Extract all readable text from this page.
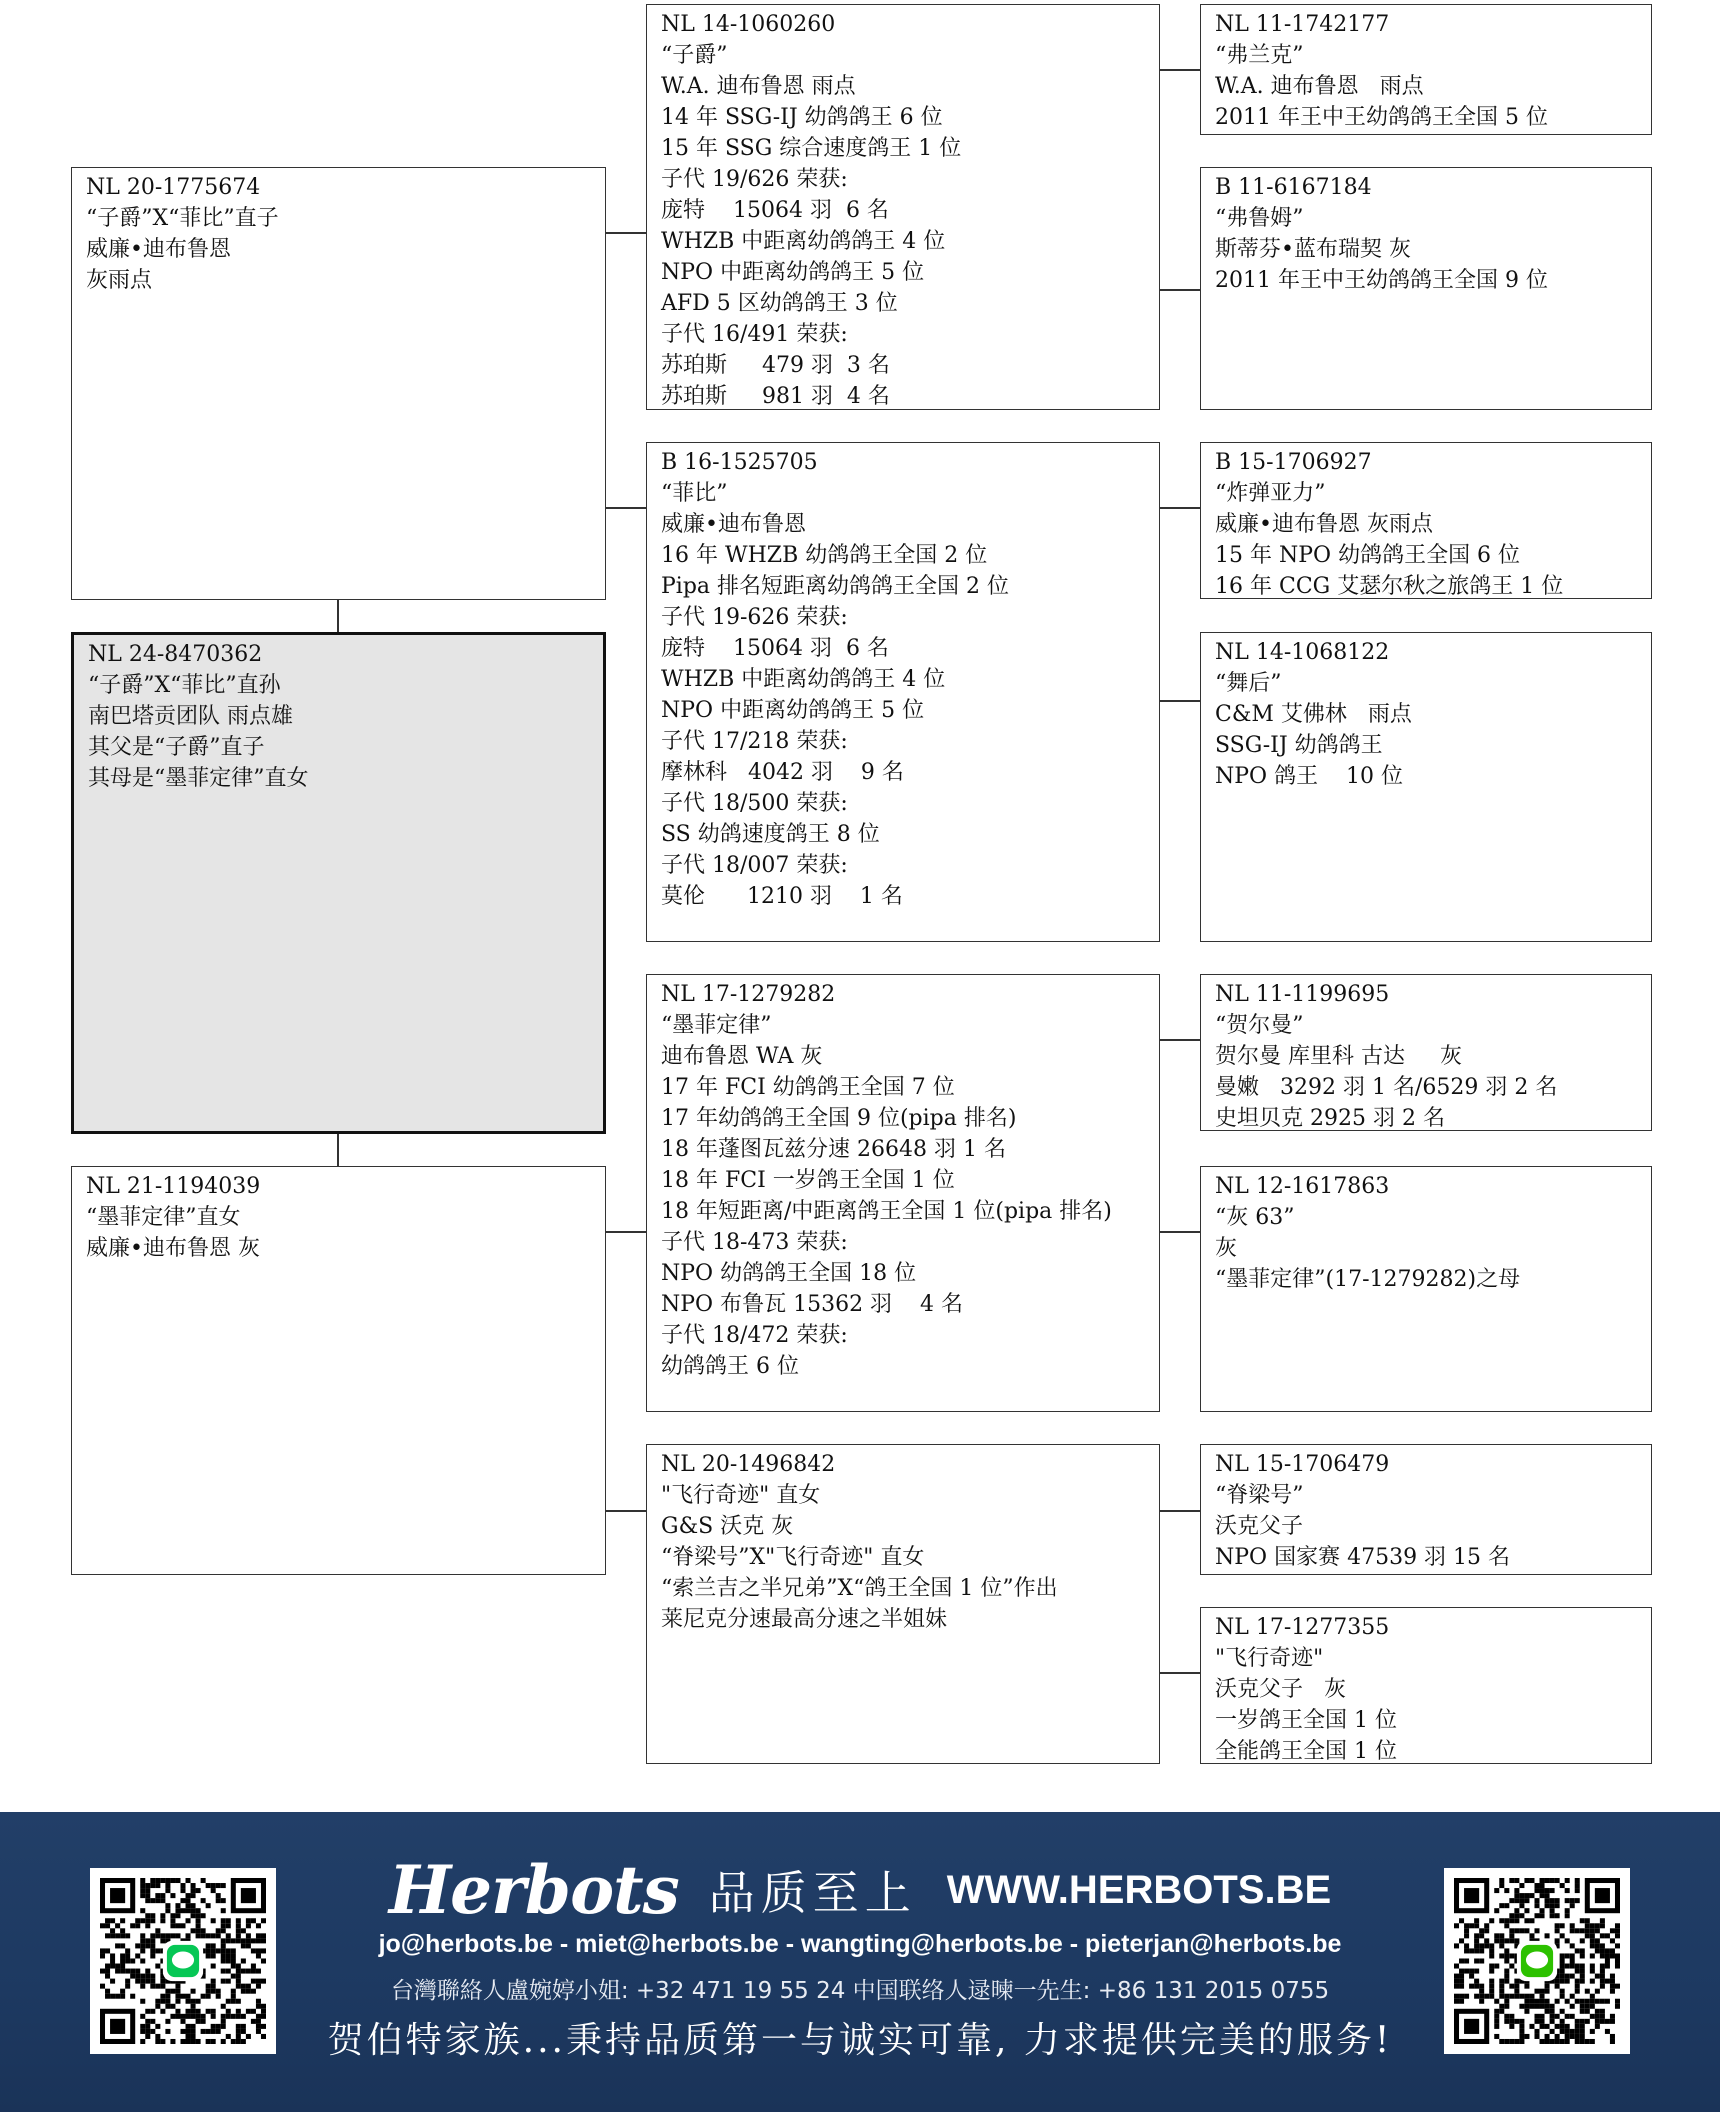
NL 20-1775674
“子爵”X“菲比”直子
威廉•迪布鲁恩
灰雨点
NL 24-8470362
“子爵”X“菲比”直孙
南巴塔贡团队 雨点雄
其父是“子爵”直子
其母是“墨菲定律”直女
NL 21-1194039
“墨菲定律”直女
威廉•迪布鲁恩 灰
NL 14-1060260
“子爵”
W.A. 迪布鲁恩 雨点
14 年 SSG-IJ 幼鸽鸽王 6 位
15 年 SSG 综合速度鸽王 1 位
子代 19/626 荣获:
庞特    15064 羽  6 名
WHZB 中距离幼鸽鸽王 4 位
NPO 中距离幼鸽鸽王 5 位
AFD 5 区幼鸽鸽王 3 位
子代 16/491 荣获:
苏珀斯     479 羽  3 名
苏珀斯     981 羽  4 名
B 16-1525705
“菲比”
威廉•迪布鲁恩
16 年 WHZB 幼鸽鸽王全国 2 位
Pipa 排名短距离幼鸽鸽王全国 2 位
子代 19-626 荣获:
庞特    15064 羽  6 名
WHZB 中距离幼鸽鸽王 4 位
NPO 中距离幼鸽鸽王 5 位
子代 17/218 荣获:
摩林科   4042 羽    9 名
子代 18/500 荣获:
SS 幼鸽速度鸽王 8 位
子代 18/007 荣获:
莫伦      1210 羽    1 名
NL 17-1279282
“墨菲定律”
迪布鲁恩 WA 灰
17 年 FCI 幼鸽鸽王全国 7 位
17 年幼鸽鸽王全国 9 位(pipa 排名)
18 年蓬图瓦兹分速 26648 羽 1 名
18 年 FCI 一岁鸽王全国 1 位
18 年短距离/中距离鸽王全国 1 位(pipa 排名)
子代 18-473 荣获:
NPO 幼鸽鸽王全国 18 位
NPO 布鲁瓦 15362 羽    4 名
子代 18/472 荣获:
幼鸽鸽王 6 位
NL 20-1496842
"飞行奇迹" 直女
G&S 沃克 灰
“脊梁号”X"飞行奇迹" 直女
“索兰吉之半兄弟”X“鸽王全国 1 位”作出
莱尼克分速最高分速之半姐妹
NL 11-1742177
“弗兰克”
W.A. 迪布鲁恩   雨点
2011 年王中王幼鸽鸽王全国 5 位
B 11-6167184
“弗鲁姆”
斯蒂芬•蓝布瑞契 灰
2011 年王中王幼鸽鸽王全国 9 位
B 15-1706927
“炸弹亚力”
威廉•迪布鲁恩 灰雨点
15 年 NPO 幼鸽鸽王全国 6 位
16 年 CCG 艾瑟尔秋之旅鸽王 1 位
NL 14-1068122
“舞后”
C&M 艾佛林   雨点
SSG-IJ 幼鸽鸽王
NPO 鸽王    10 位
NL 11-1199695
“贺尔曼”
贺尔曼 库里科 古达     灰
曼嫩   3292 羽 1 名/6529 羽 2 名
史坦贝克 2925 羽 2 名
NL 12-1617863
“灰 63”
灰
“墨菲定律”(17-1279282)之母
NL 15-1706479
“脊梁号”
沃克父子
NPO 国家赛 47539 羽 15 名
NL 17-1277355
"飞行奇迹"
沃克父子   灰
一岁鸽王全国 1 位
全能鸽王全国 1 位
Herbots 品质至上 WWW.HERBOTS.BE
jo@herbots.be - miet@herbots.be - wangting@herbots.be - pieterjan@herbots.be
台灣聯絡人盧婉婷小姐: +32 471 19 55 24 中国联络人逯暕一先生: +86 131 2015 0755
贺伯特家族...秉持品质第一与诚实可靠, 力求提供完美的服务!
